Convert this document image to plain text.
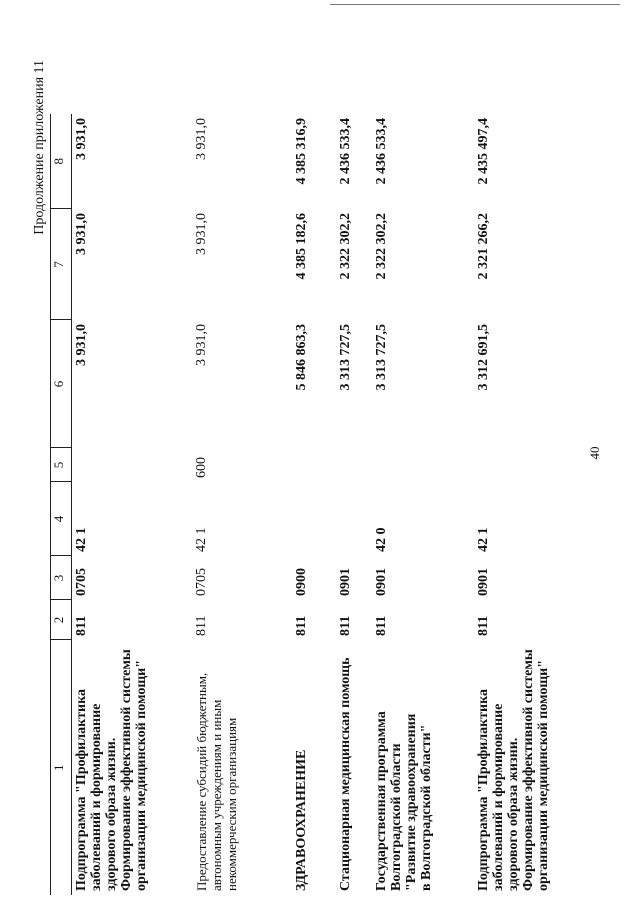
40
Продолжение приложения 11
1	2	3	4	5	6	7	8

Подпрограмма "Профилактика заболеваний и формирование здорового образа жизни. Формирование эффективной системы организации медицинской помощи"	811	0705	42 1		3 931,0	3 931,0	3 931,0

Предоставление субсидий бюджетным, автономным учреждениям и иным некоммерческим организациям	811	0705	42 1	600	3 931,0	3 931,0	3 931,0

ЗДРАВООХРАНЕНИЕ	811	0900			5 846 863,3	4 385 182,6	4 385 316,9

Стационарная медицинская помощь	811	0901			3 313 727,5	2 322 302,2	2 436 533,4

Государственная программа Волгоградской области "Развитие здравоохранения в Волгоградской области"	811	0901	42 0		3 313 727,5	2 322 302,2	2 436 533,4

Подпрограмма "Профилактика заболеваний и формирование здорового образа жизни. Формирование эффективной системы организации медицинской помощи"	811	0901	42 1		3 312 691,5	2 321 266,2	2 435 497,4
